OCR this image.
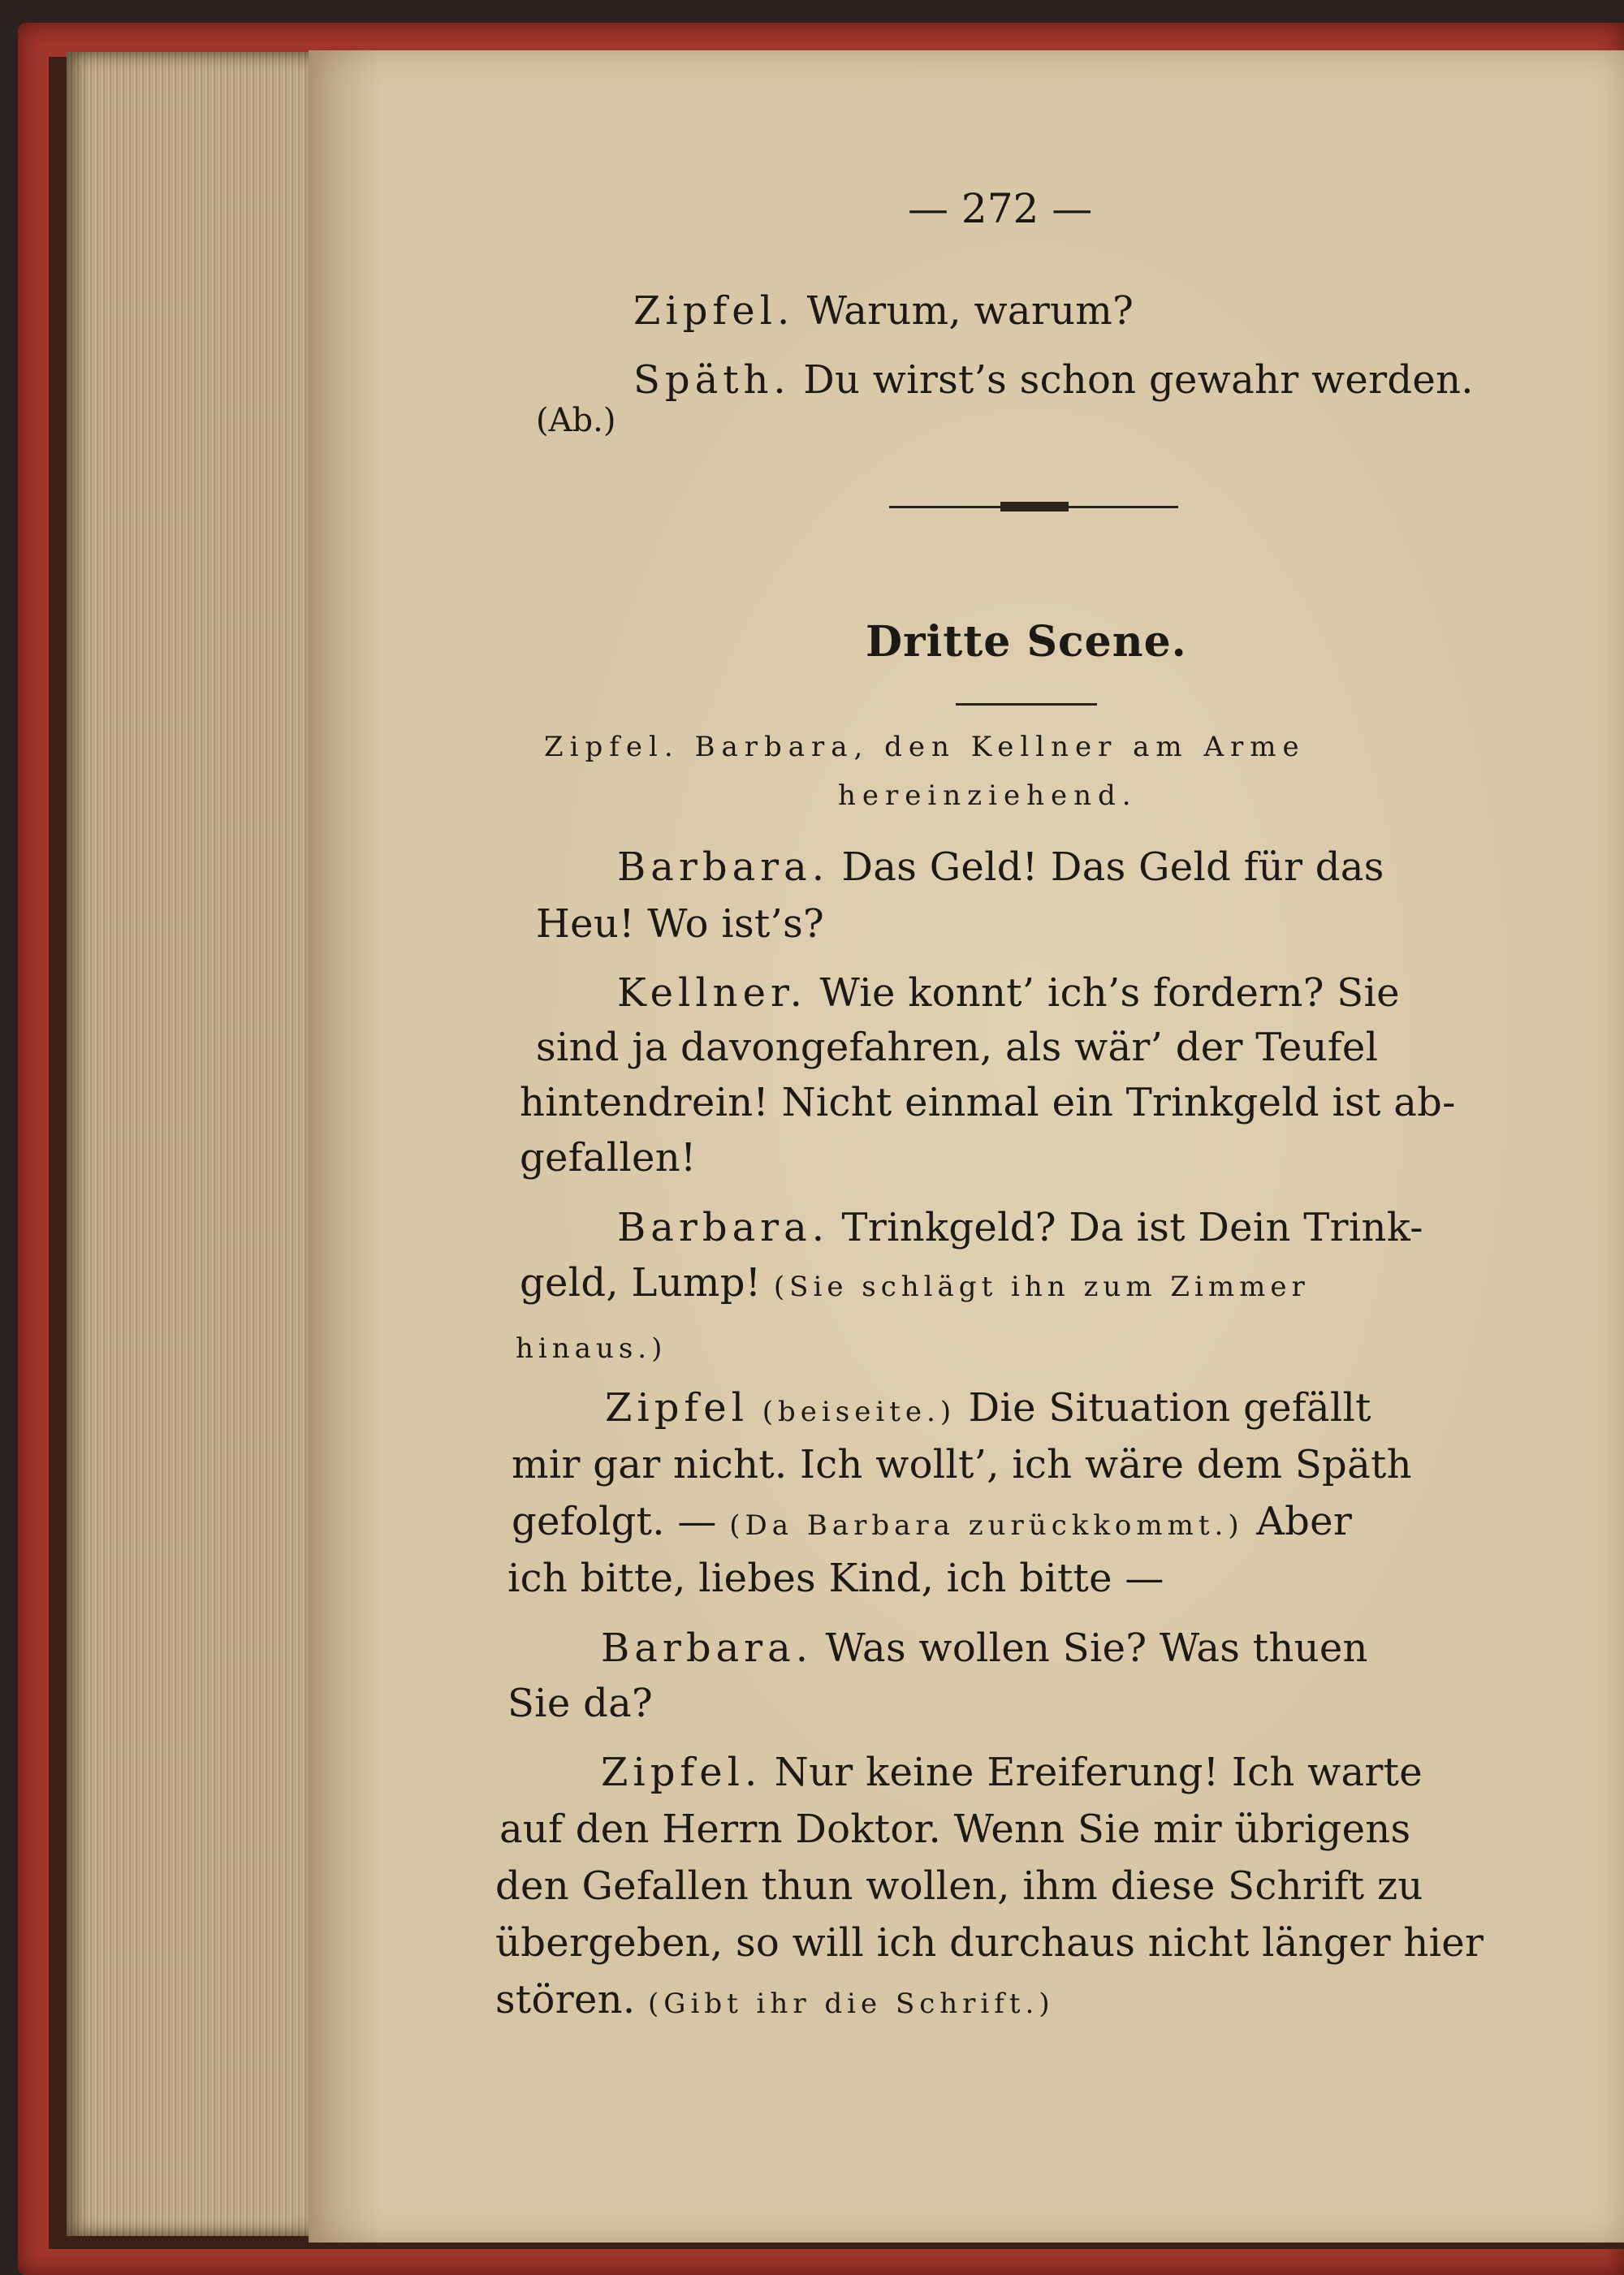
— 272 —
Zipfel. Warum, warum?
Späth. Du wirst’s schon gewahr werden.
(Ab.)
Dritte Scene.
Zipfel. Barbara, den Kellner am Arme
hereinziehend.
Barbara. Das Geld! Das Geld für das
Heu! Wo ist’s?
Kellner. Wie konnt’ ich’s fordern? Sie
sind ja davongefahren, als wär’ der Teufel
hintendrein! Nicht einmal ein Trinkgeld ist ab-
gefallen!
Barbara. Trinkgeld? Da ist Dein Trink-
geld, Lump! (Sie schlägt ihn zum Zimmer
hinaus.)
Zipfel (beiseite.) Die Situation gefällt
mir gar nicht. Ich wollt’, ich wäre dem Späth
gefolgt. — (Da Barbara zurückkommt.) Aber
ich bitte, liebes Kind, ich bitte —
Barbara. Was wollen Sie? Was thuen
Sie da?
Zipfel. Nur keine Ereiferung! Ich warte
auf den Herrn Doktor. Wenn Sie mir übrigens
den Gefallen thun wollen, ihm diese Schrift zu
übergeben, so will ich durchaus nicht länger hier
stören. (Gibt ihr die Schrift.)
